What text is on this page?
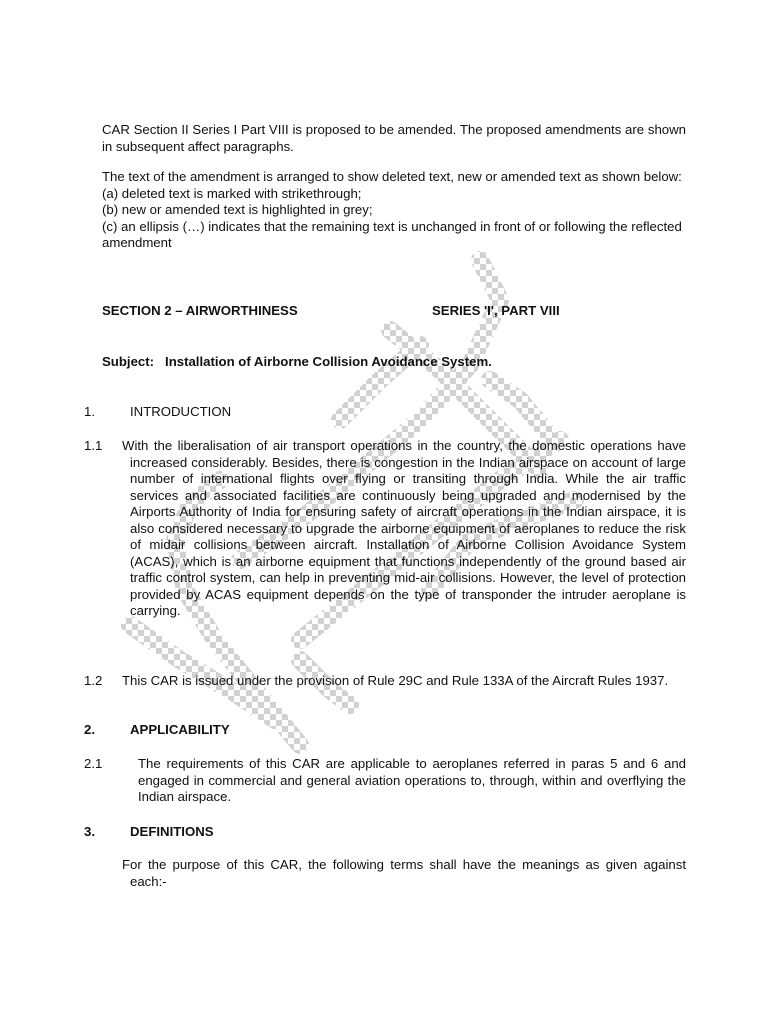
CAR Section II Series I Part VIII is proposed to be amended. The proposed amendments are shown in subsequent affect paragraphs.

The text of the amendment is arranged to show deleted text, new or amended text as shown below:

(a) deleted text is marked with strikethrough;

(b) new or amended text is highlighted in grey;

(c) an ellipsis (…) indicates that the remaining text is unchanged in front of or following the reflected amendment

SECTION 2 – AIRWORTHINESS	SERIES 'I', PART VIII
Subject: Installation of Airborne Collision Avoidance System.
1.	INTRODUCTION
1.1 With the liberalisation of air transport operations in the country, the domestic operations have increased considerably. Besides, there is congestion in the Indian airspace on account of large number of international flights over flying or transiting through India. While the air traffic services and associated facilities are continuously being upgraded and modernised by the Airports Authority of India for ensuring safety of aircraft operations in the Indian airspace, it is also considered necessary to upgrade the airborne equipment of aeroplanes to reduce the risk of midair collisions between aircraft. Installation of Airborne Collision Avoidance System (ACAS), which is an airborne equipment that functions independently of the ground based air traffic control system, can help in preventing mid-air collisions. However, the level of protection provided by ACAS equipment depends on the type of transponder the intruder aeroplane is carrying.

1.2 This CAR is issued under the provision of Rule 29C and Rule 133A of the Aircraft Rules 1937.

2.	APPLICABILITY
2.1	The requirements of this CAR are applicable to aeroplanes referred in paras 5 and 6 and engaged in commercial and general aviation operations to, through, within and overflying the Indian airspace.

3.	DEFINITIONS

For the purpose of this CAR, the following terms shall have the meanings as given against each:-
